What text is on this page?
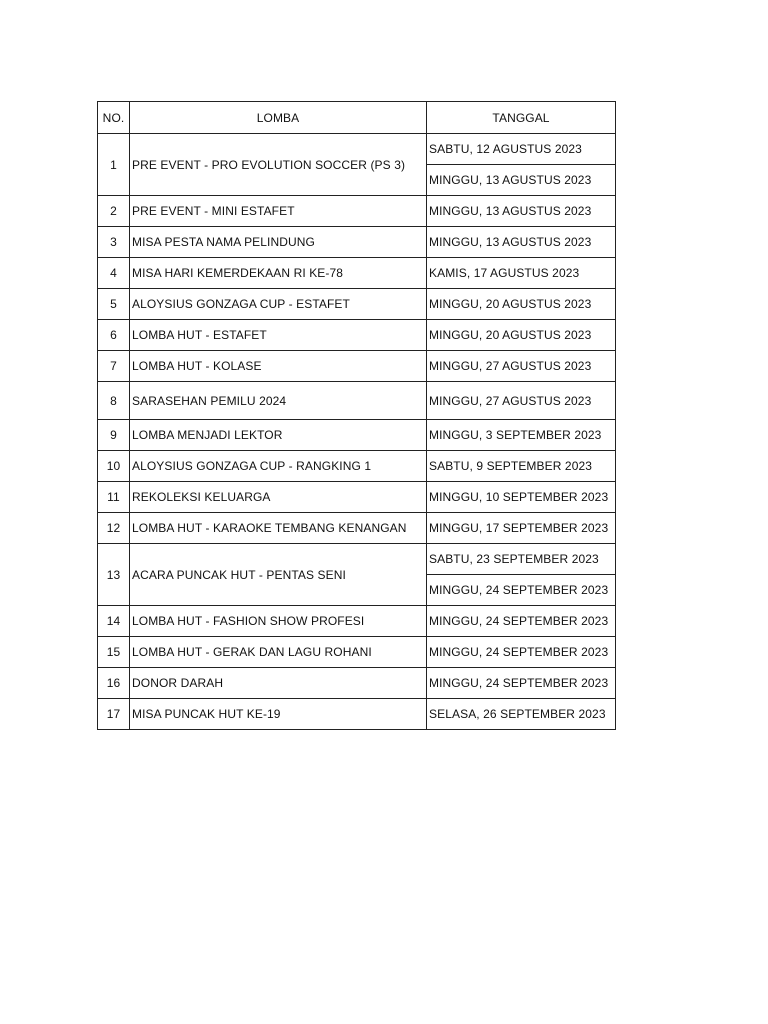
NO.	LOMBA	TANGGAL
1	PRE EVENT - PRO EVOLUTION SOCCER (PS 3)	SABTU, 12 AGUSTUS 2023
		MINGGU, 13 AGUSTUS 2023
2	PRE EVENT - MINI ESTAFET	MINGGU, 13 AGUSTUS 2023
3	MISA PESTA NAMA PELINDUNG	MINGGU, 13 AGUSTUS 2023
4	MISA HARI KEMERDEKAAN RI KE-78	KAMIS, 17 AGUSTUS 2023
5	ALOYSIUS GONZAGA CUP - ESTAFET	MINGGU, 20 AGUSTUS 2023
6	LOMBA HUT - ESTAFET	MINGGU, 20 AGUSTUS 2023
7	LOMBA HUT - KOLASE	MINGGU, 27 AGUSTUS 2023
8	SARASEHAN PEMILU 2024	MINGGU, 27 AGUSTUS 2023
9	LOMBA MENJADI LEKTOR	MINGGU, 3 SEPTEMBER 2023
10	ALOYSIUS GONZAGA CUP - RANGKING 1	SABTU, 9 SEPTEMBER 2023
11	REKOLEKSI KELUARGA	MINGGU, 10 SEPTEMBER 2023
12	LOMBA HUT - KARAOKE TEMBANG KENANGAN	MINGGU, 17 SEPTEMBER 2023
13	ACARA PUNCAK HUT - PENTAS SENI	SABTU, 23 SEPTEMBER 2023
		MINGGU, 24 SEPTEMBER 2023
14	LOMBA HUT - FASHION SHOW PROFESI	MINGGU, 24 SEPTEMBER 2023
15	LOMBA HUT - GERAK DAN LAGU ROHANI	MINGGU, 24 SEPTEMBER 2023
16	DONOR DARAH	MINGGU, 24 SEPTEMBER 2023
17	MISA PUNCAK HUT KE-19	SELASA, 26 SEPTEMBER 2023
